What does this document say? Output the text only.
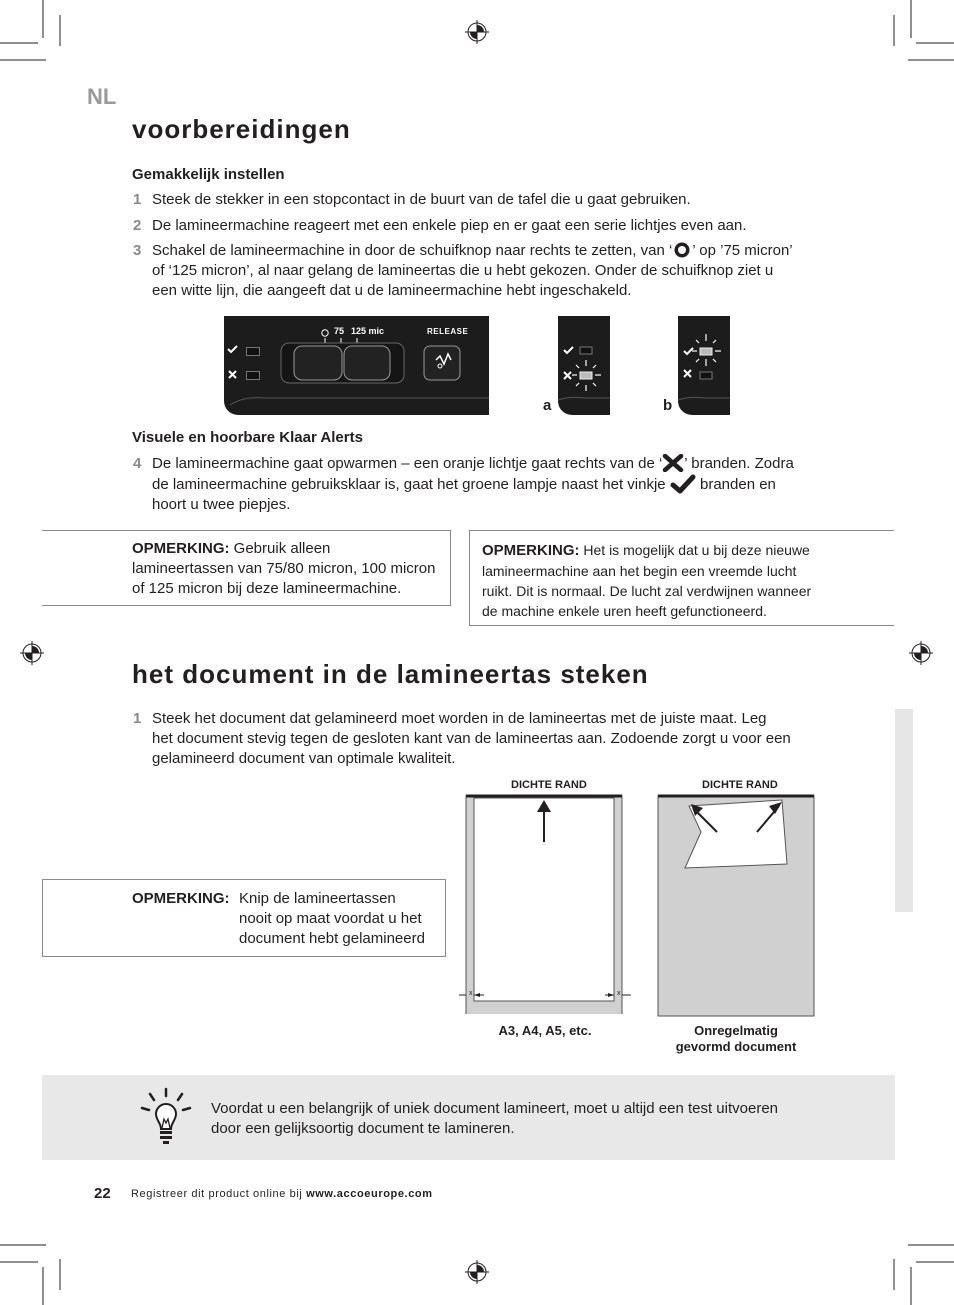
NL
voorbereidingen
Gemakkelijk instellen
1 Steek de stekker in een stopcontact in de buurt van de tafel die u gaat gebruiken.
2 De lamineermachine reageert met een enkele piep en er gaat een serie lichtjes even aan.
3 Schakel de lamineermachine in door de schuifknop naar rechts te zetten, van ‘ ’ op ’75 micron’
of ‘125 micron’, al naar gelang de lamineertas die u hebt gekozen. Onder de schuifknop ziet u
een witte lijn, die aangeeft dat u de lamineermachine hebt ingeschakeld.
75 125 mic	RELEASE
a	b
Visuele en hoorbare Klaar Alerts
4 De lamineermachine gaat opwarmen – een oranje lichtje gaat rechts van de ‘ ’ branden. Zodra
de lamineermachine gebruiksklaar is, gaat het groene lampje naast het vinkje branden en
hoort u twee piepjes.
OPMERKING: Gebruik alleen
lamineertassen van 75/80 micron, 100 micron
of 125 micron bij deze lamineermachine.
OPMERKING: Het is mogelijk dat u bij deze nieuwe
lamineermachine aan het begin een vreemde lucht
ruikt. Dit is normaal. De lucht zal verdwijnen wanneer
de machine enkele uren heeft gefunctioneerd.
het document in de lamineertas steken
1 Steek het document dat gelamineerd moet worden in de lamineertas met de juiste maat. Leg
het document stevig tegen de gesloten kant van de lamineertas aan. Zodoende zorgt u voor een
gelamineerd document van optimale kwaliteit.
DICHTE RAND	DICHTE RAND
x	x
A3, A4, A5, etc.	Onregelmatig
gevormd document
OPMERKING: Knip de lamineertassen
nooit op maat voordat u het
document hebt gelamineerd
Voordat u een belangrijk of uniek document lamineert, moet u altijd een test uitvoeren
door een gelijksoortig document te lamineren.
22 Registreer dit product online bij www.accoeurope.com
